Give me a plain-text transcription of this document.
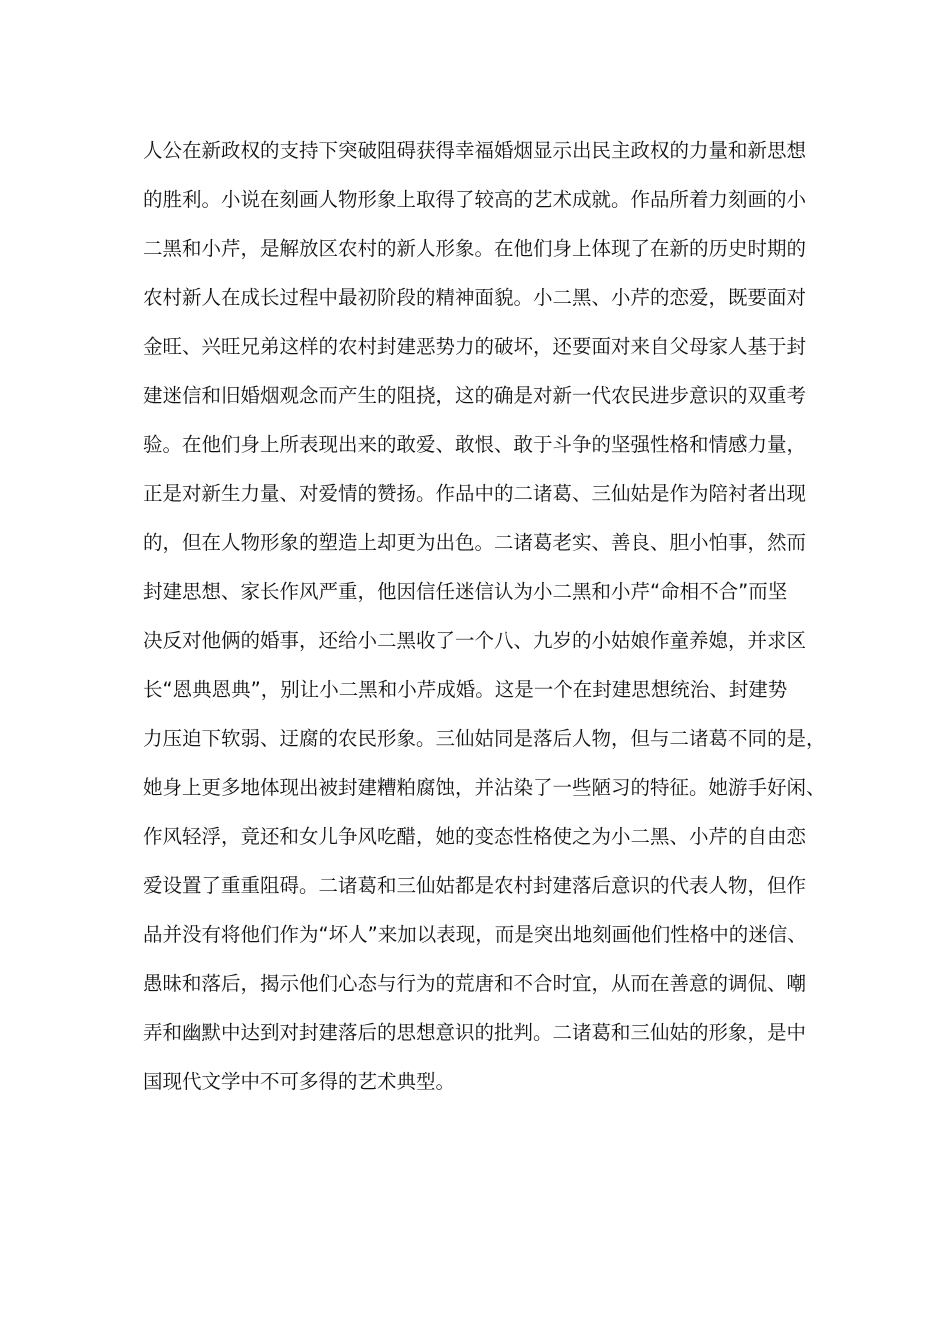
人公在新政权的支持下突破阻碍获得幸福婚烟显示出民主政权的力量和新思想
的胜利。小说在刻画人物形象上取得了较高的艺术成就。作品所着力刻画的小
二黑和小芹，是解放区农村的新人形象。在他们身上体现了在新的历史时期的
农村新人在成长过程中最初阶段的精神面貌。小二黑、小芹的恋爱，既要面对
金旺、兴旺兄弟这样的农村封建恶势力的破坏，还要面对来自父母家人基于封
建迷信和旧婚烟观念而产生的阻挠，这的确是对新一代农民进步意识的双重考
验。在他们身上所表现出来的敢爱、敢恨、敢于斗争的坚强性格和情感力量，
正是对新生力量、对爱情的赞扬。作品中的二诸葛、三仙姑是作为陪衬者出现
的，但在人物形象的塑造上却更为出色。二诸葛老实、善良、胆小怕事，然而
封建思想、家长作风严重，他因信任迷信认为小二黑和小芹“命相不合”而坚
决反对他俩的婚事，还给小二黑收了一个八、九岁的小姑娘作童养媳，并求区
长“恩典恩典”，别让小二黑和小芹成婚。这是一个在封建思想统治、封建势
力压迫下软弱、迂腐的农民形象。三仙姑同是落后人物，但与二诸葛不同的是，
她身上更多地体现出被封建糟粕腐蚀，并沾染了一些陋习的特征。她游手好闲、
作风轻浮，竟还和女儿争风吃醋，她的变态性格使之为小二黑、小芹的自由恋
爱设置了重重阻碍。二诸葛和三仙姑都是农村封建落后意识的代表人物，但作
品并没有将他们作为“坏人”来加以表现，而是突出地刻画他们性格中的迷信、
愚昧和落后，揭示他们心态与行为的荒唐和不合时宜，从而在善意的调侃、嘲
弄和幽默中达到对封建落后的思想意识的批判。二诸葛和三仙姑的形象，是中
国现代文学中不可多得的艺术典型。
